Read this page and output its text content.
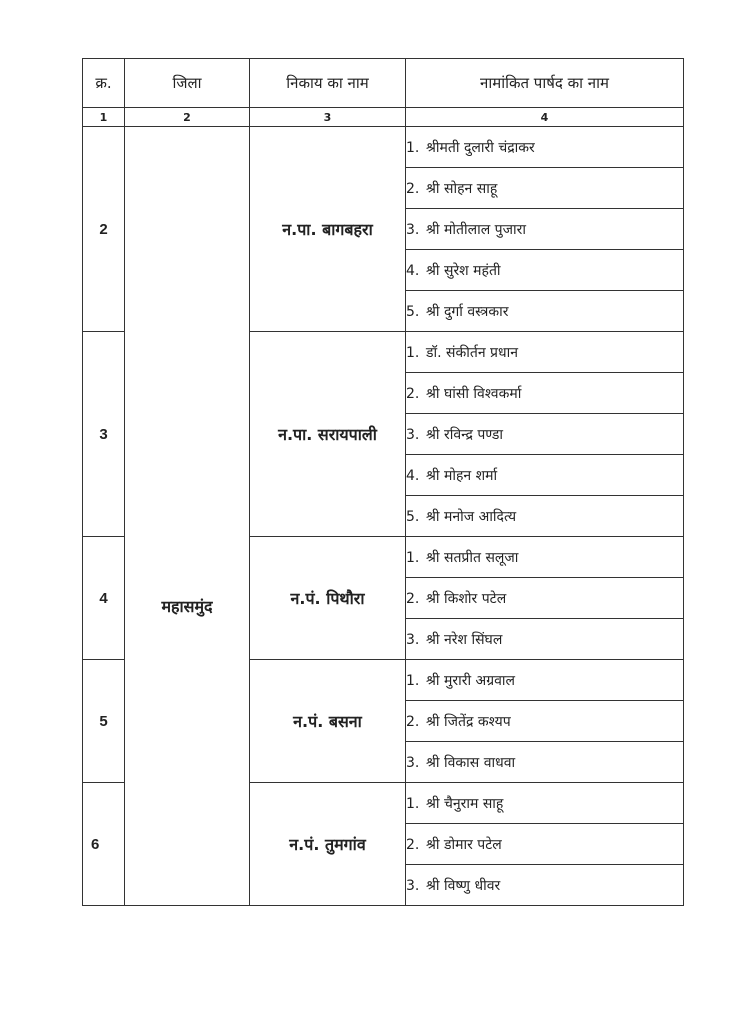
क्र.	जिला	निकाय का नाम	नामांकित पार्षद का नाम
1	2	3	4
2	महासमुंद	न.पा. बागबहरा	1. श्रीमती दुलारी चंद्राकर
			2. श्री सोहन साहू
			3. श्री मोतीलाल पुजारा
			4. श्री सुरेश महंती
			5. श्री दुर्गा वस्त्रकार
3		न.पा. सरायपाली	1. डॉ. संकीर्तन प्रधान
			2. श्री घांसी विश्वकर्मा
			3. श्री रविन्द्र पण्डा
			4. श्री मोहन शर्मा
			5. श्री मनोज आदित्य
4		न.पं. पिथौरा	1. श्री सतप्रीत सलूजा
			2. श्री किशोर पटेल
			3. श्री नरेश सिंघल
5		न.पं. बसना	1. श्री मुरारी अग्रवाल
			2. श्री जितेंद्र कश्यप
			3. श्री विकास वाधवा
6		न.पं. तुमगांव	1. श्री चैनुराम साहू
			2. श्री डोमार पटेल
			3. श्री विष्णु धीवर
